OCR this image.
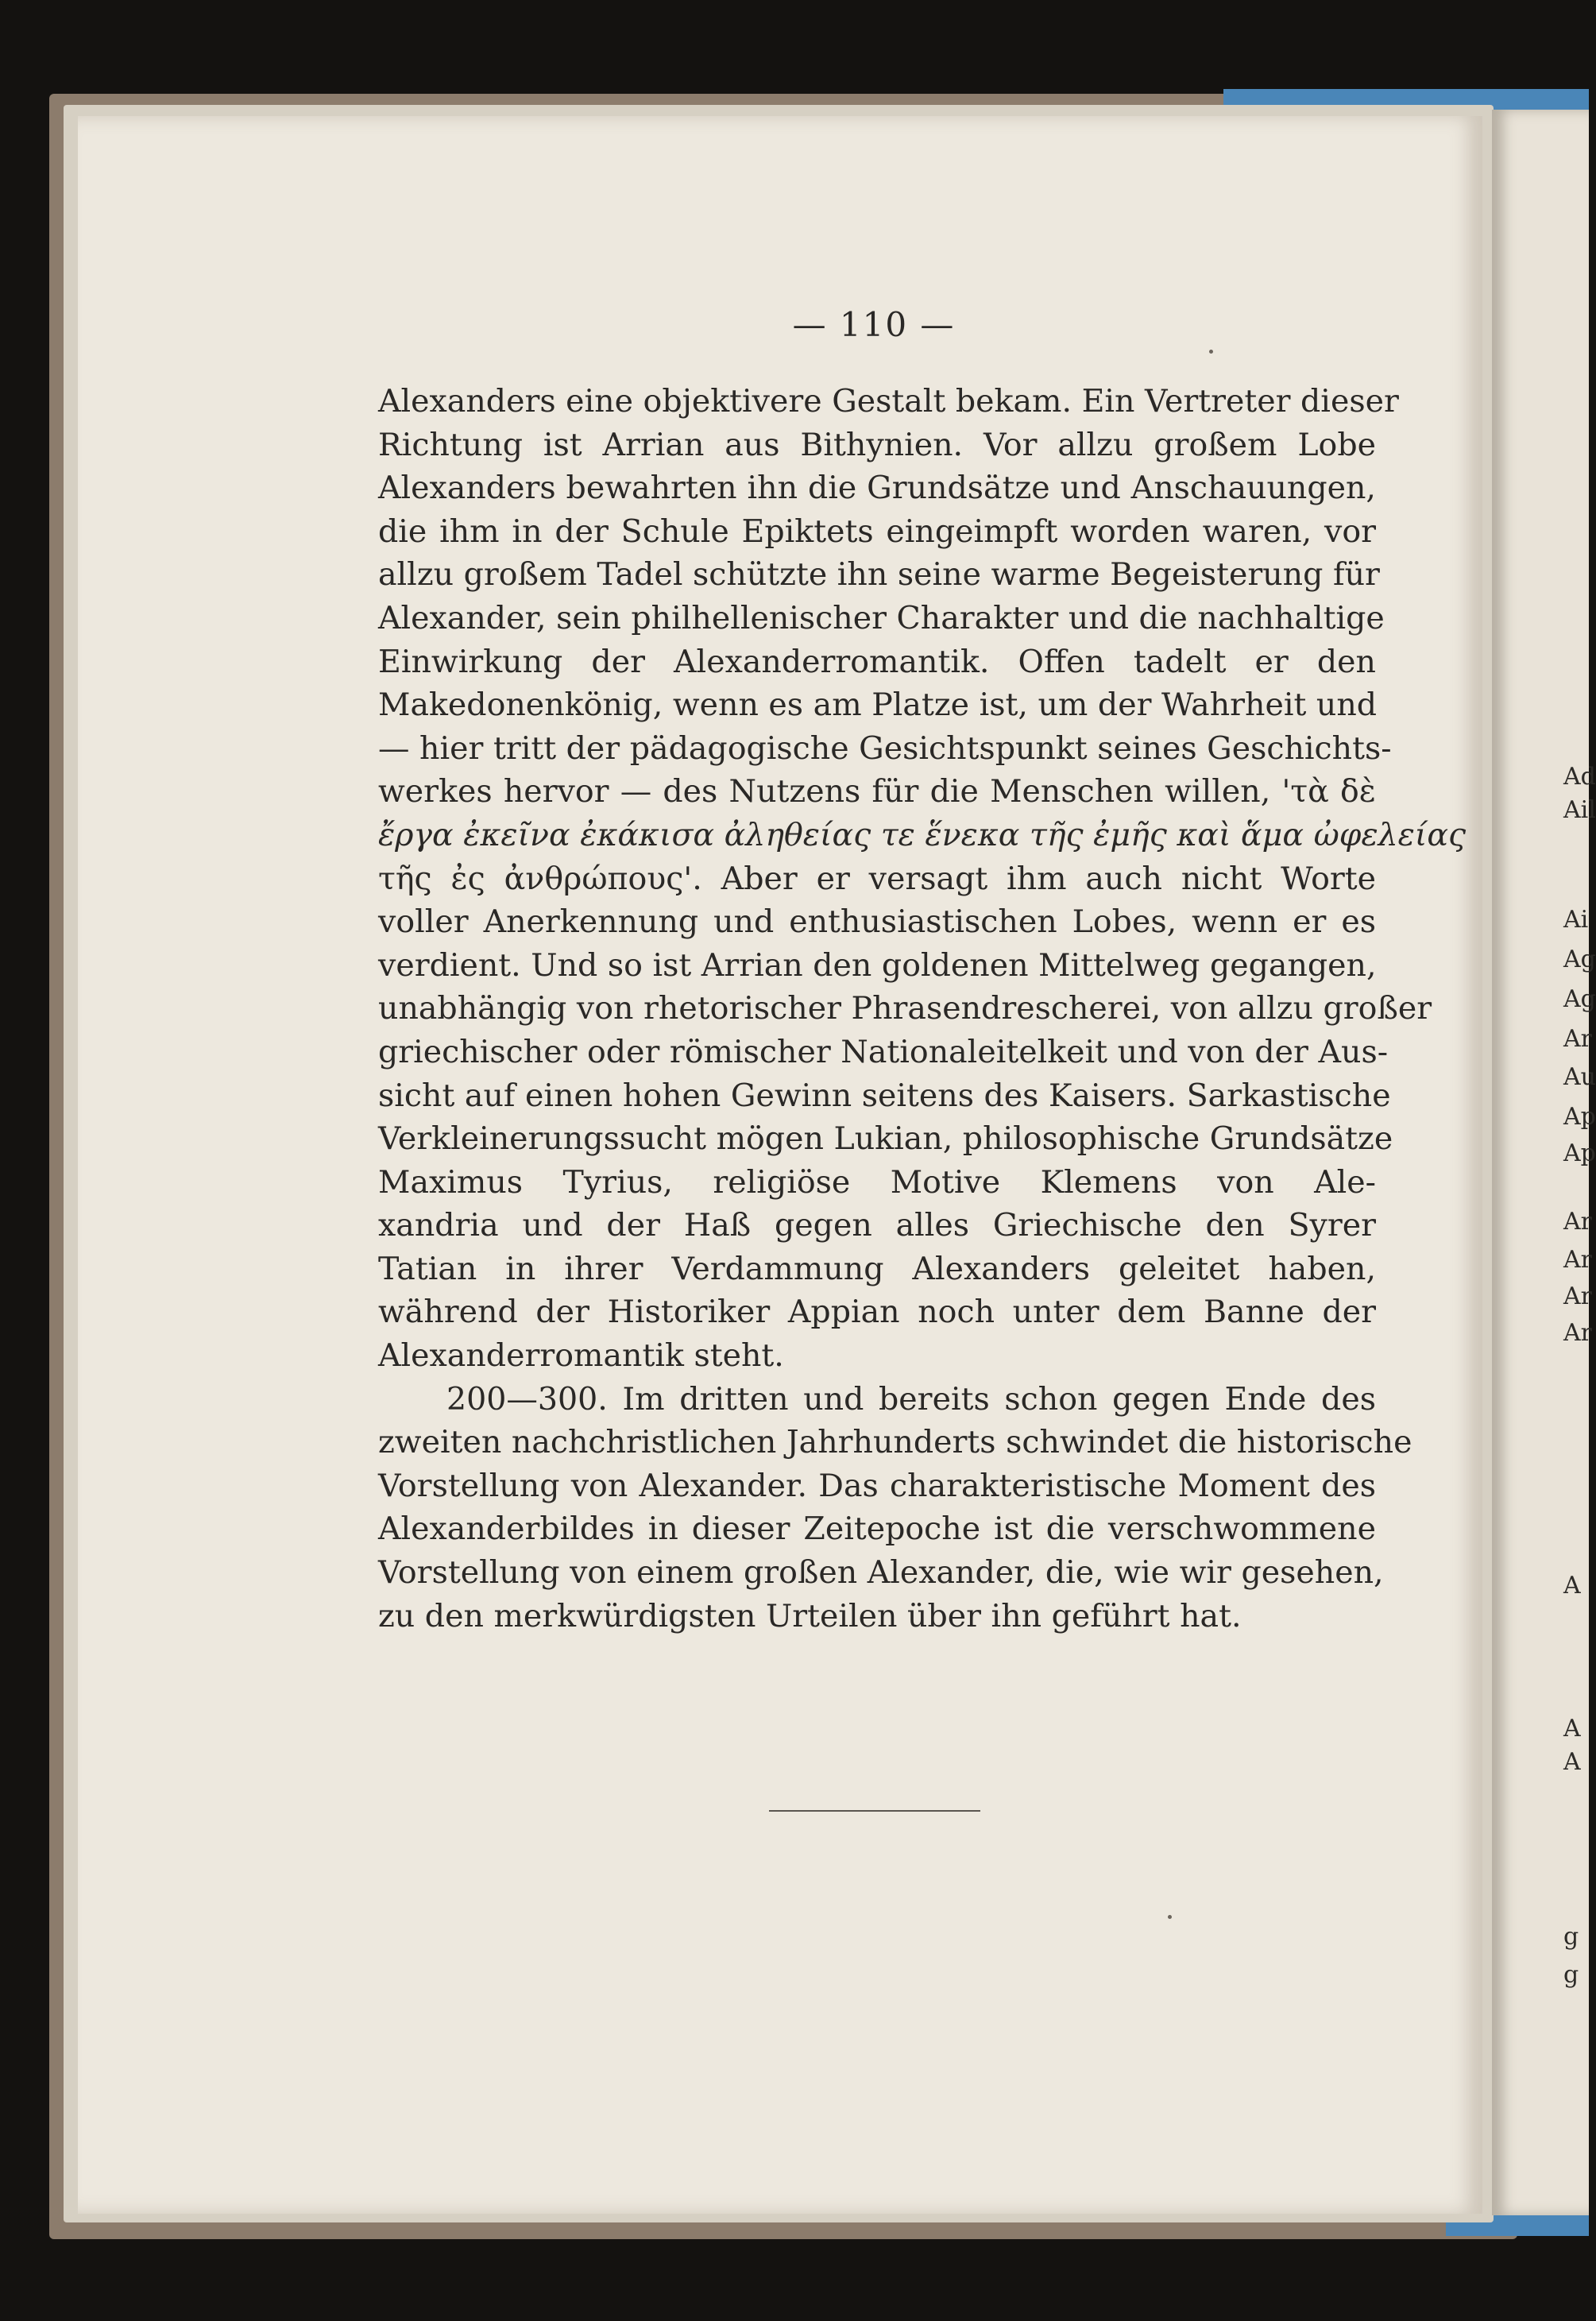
Ad
Ail
Ai
Ag
Ag
Ar
Au
Ap
Ap
Ar
Ar
Ar
Ar
A
A
A
g
g
— 110 —
Alexanders eine objektivere Gestalt bekam. Ein Vertreter dieser
Richtung ist Arrian aus Bithynien. Vor allzu großem Lobe
Alexanders bewahrten ihn die Grundsätze und Anschauungen,
die ihm in der Schule Epiktets eingeimpft worden waren, vor
allzu großem Tadel schützte ihn seine warme Begeisterung für
Alexander, sein philhellenischer Charakter und die nachhaltige
Einwirkung der Alexanderromantik. Offen tadelt er den
Makedonenkönig, wenn es am Platze ist, um der Wahrheit und
— hier tritt der pädagogische Gesichtspunkt seines Geschichts-
werkes hervor — des Nutzens für die Menschen willen, 'τὰ δὲ
ἔργα ἐκεῖνα ἐκάκισα ἀληθείας τε ἕνεκα τῆς ἐμῆς καὶ ἅμα ὠφελείας
τῆς ἐς ἀνθρώπους'. Aber er versagt ihm auch nicht Worte
voller Anerkennung und enthusiastischen Lobes, wenn er es
verdient. Und so ist Arrian den goldenen Mittelweg gegangen,
unabhängig von rhetorischer Phrasendrescherei, von allzu großer
griechischer oder römischer Nationaleitelkeit und von der Aus-
sicht auf einen hohen Gewinn seitens des Kaisers. Sarkastische
Verkleinerungssucht mögen Lukian, philosophische Grundsätze
Maximus Tyrius, religiöse Motive Klemens von Ale-
xandria und der Haß gegen alles Griechische den Syrer
Tatian in ihrer Verdammung Alexanders geleitet haben,
während der Historiker Appian noch unter dem Banne der
Alexanderromantik steht.
200—300. Im dritten und bereits schon gegen Ende des
zweiten nachchristlichen Jahrhunderts schwindet die historische
Vorstellung von Alexander. Das charakteristische Moment des
Alexanderbildes in dieser Zeitepoche ist die verschwommene
Vorstellung von einem großen Alexander, die, wie wir gesehen,
zu den merkwürdigsten Urteilen über ihn geführt hat.
